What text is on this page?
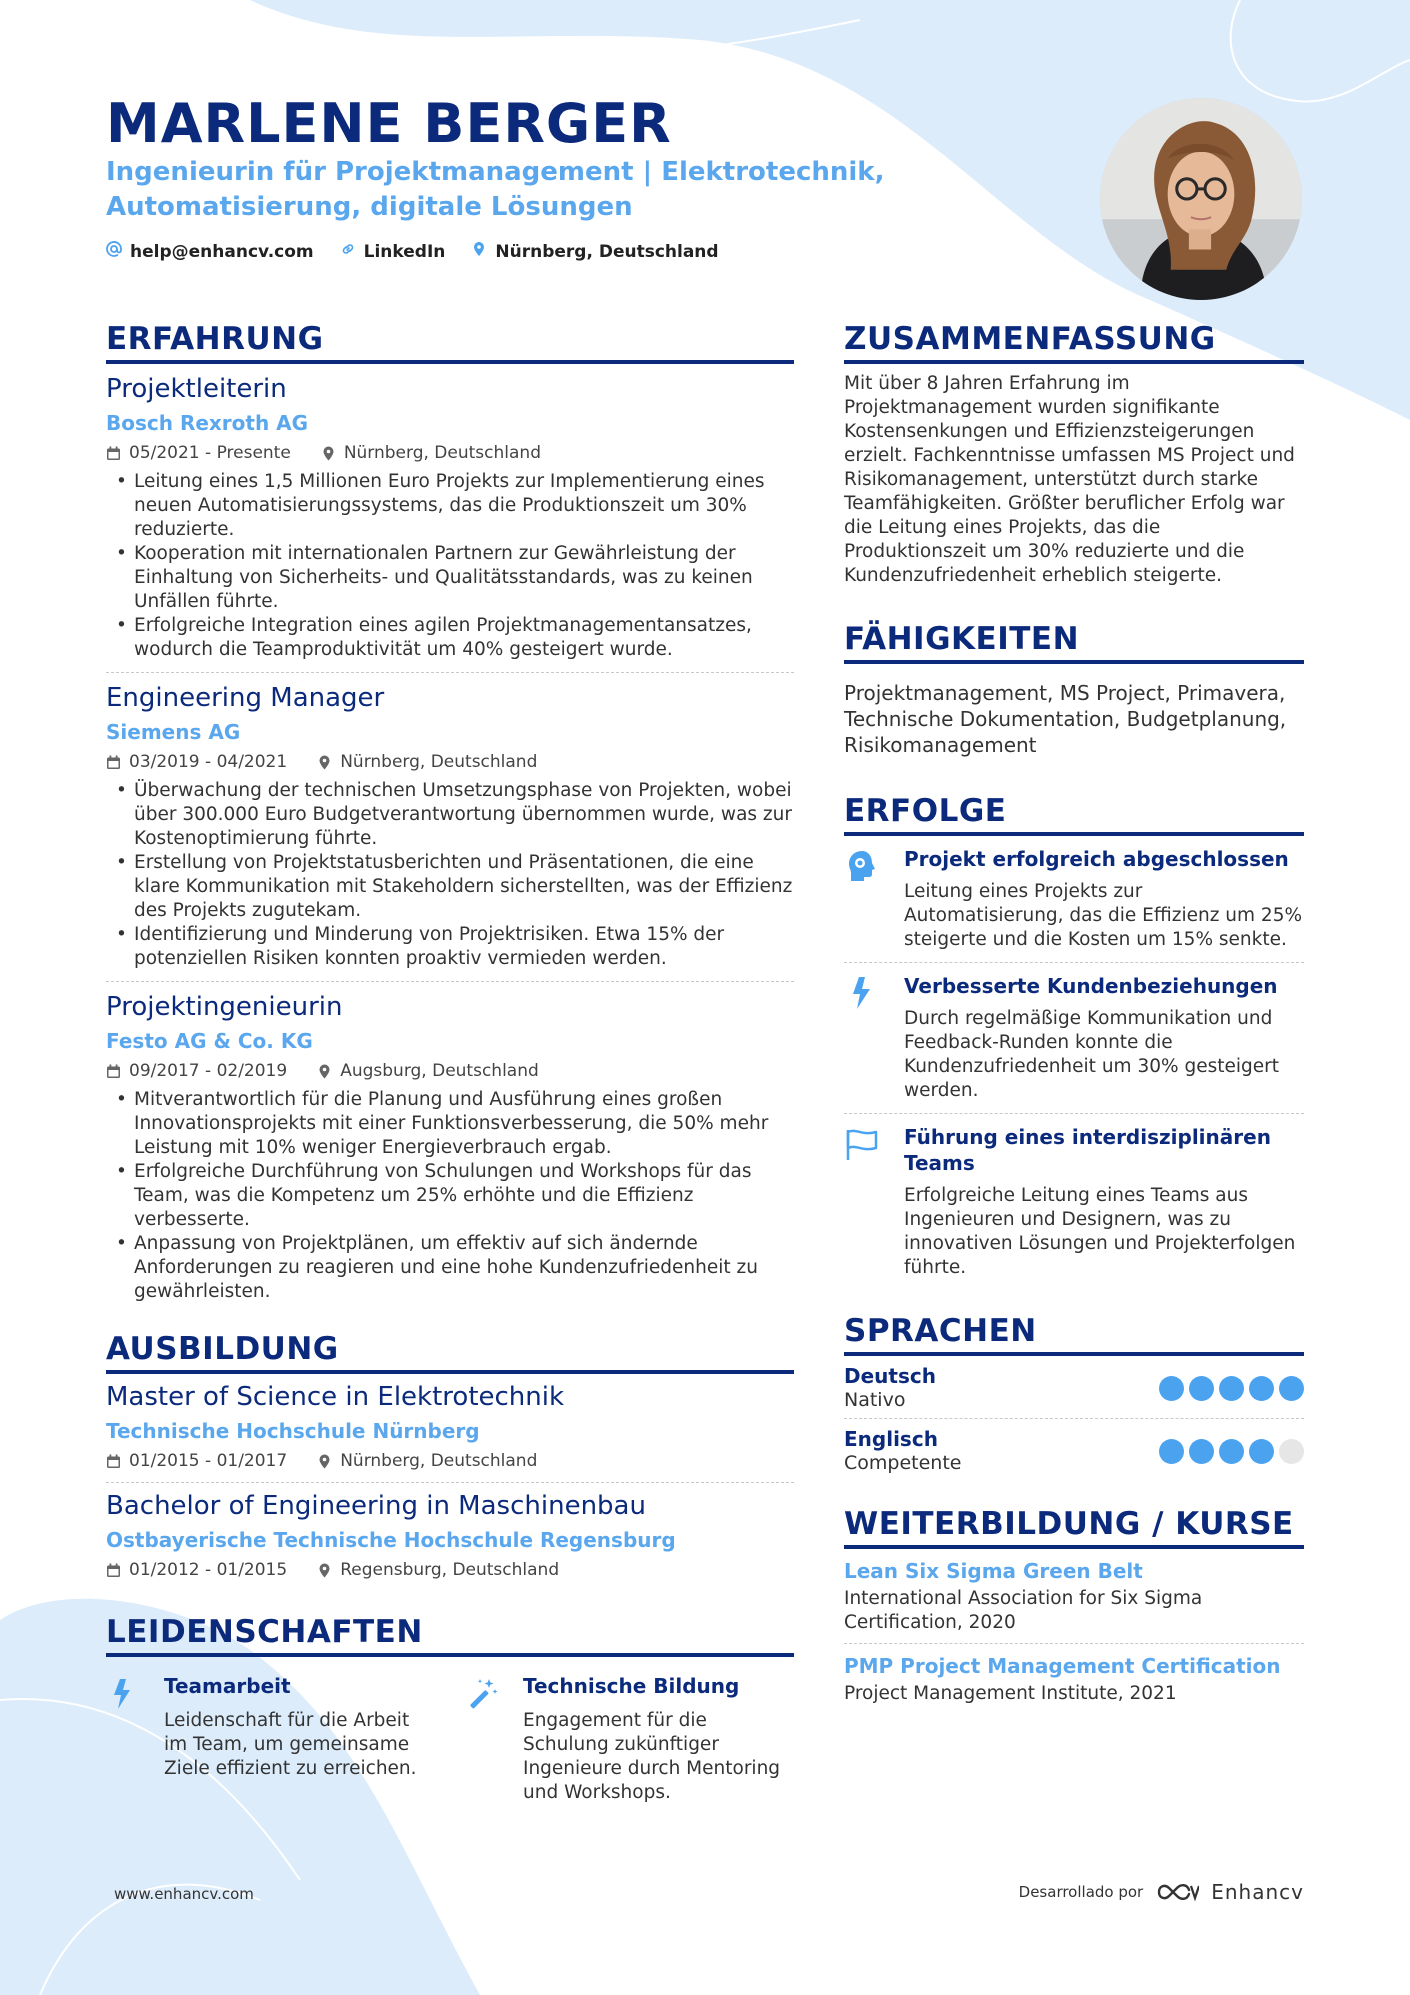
MARLENE BERGER
Ingenieurin für Projektmanagement | Elektrotechnik, Automatisierung, digitale Lösungen
help@enhancv.com	LinkedIn	Nürnberg, Deutschland
ERFAHRUNG
Projektleiterin
Bosch Rexroth AG
05/2021 - Presente	Nürnberg, Deutschland
• Leitung eines 1,5 Millionen Euro Projekts zur Implementierung eines neuen Automatisierungssystems, das die Produktionszeit um 30% reduzierte.
• Kooperation mit internationalen Partnern zur Gewährleistung der Einhaltung von Sicherheits- und Qualitätsstandards, was zu keinen Unfällen führte.
• Erfolgreiche Integration eines agilen Projektmanagementansatzes, wodurch die Teamproduktivität um 40% gesteigert wurde.
Engineering Manager
Siemens AG
03/2019 - 04/2021	Nürnberg, Deutschland
• Überwachung der technischen Umsetzungsphase von Projekten, wobei über 300.000 Euro Budgetverantwortung übernommen wurde, was zur Kostenoptimierung führte.
• Erstellung von Projektstatusberichten und Präsentationen, die eine klare Kommunikation mit Stakeholdern sicherstellten, was der Effizienz des Projekts zugutekam.
• Identifizierung und Minderung von Projektrisiken. Etwa 15% der potenziellen Risiken konnten proaktiv vermieden werden.
Projektingenieurin
Festo AG & Co. KG
09/2017 - 02/2019	Augsburg, Deutschland
• Mitverantwortlich für die Planung und Ausführung eines großen Innovationsprojekts mit einer Funktionsverbesserung, die 50% mehr Leistung mit 10% weniger Energieverbrauch ergab.
• Erfolgreiche Durchführung von Schulungen und Workshops für das Team, was die Kompetenz um 25% erhöhte und die Effizienz verbesserte.
• Anpassung von Projektplänen, um effektiv auf sich ändernde Anforderungen zu reagieren und eine hohe Kundenzufriedenheit zu gewährleisten.
AUSBILDUNG
Master of Science in Elektrotechnik
Technische Hochschule Nürnberg
01/2015 - 01/2017	Nürnberg, Deutschland
Bachelor of Engineering in Maschinenbau
Ostbayerische Technische Hochschule Regensburg
01/2012 - 01/2015	Regensburg, Deutschland
LEIDENSCHAFTEN
Teamarbeit
Leidenschaft für die Arbeit im Team, um gemeinsame Ziele effizient zu erreichen.
Technische Bildung
Engagement für die Schulung zukünftiger Ingenieure durch Mentoring und Workshops.
ZUSAMMENFASSUNG
Mit über 8 Jahren Erfahrung im Projektmanagement wurden signifikante Kostensenkungen und Effizienzsteigerungen erzielt. Fachkenntnisse umfassen MS Project und Risikomanagement, unterstützt durch starke Teamfähigkeiten. Größter beruflicher Erfolg war die Leitung eines Projekts, das die Produktionszeit um 30% reduzierte und die Kundenzufriedenheit erheblich steigerte.
FÄHIGKEITEN
Projektmanagement, MS Project, Primavera, Technische Dokumentation, Budgetplanung, Risikomanagement
ERFOLGE
Projekt erfolgreich abgeschlossen
Leitung eines Projekts zur Automatisierung, das die Effizienz um 25% steigerte und die Kosten um 15% senkte.
Verbesserte Kundenbeziehungen
Durch regelmäßige Kommunikation und Feedback-Runden konnte die Kundenzufriedenheit um 30% gesteigert werden.
Führung eines interdisziplinären Teams
Erfolgreiche Leitung eines Teams aus Ingenieuren und Designern, was zu innovativen Lösungen und Projekterfolgen führte.
SPRACHEN
Deutsch
Nativo
Englisch
Competente
WEITERBILDUNG / KURSE
Lean Six Sigma Green Belt
International Association for Six Sigma Certification, 2020
PMP Project Management Certification
Project Management Institute, 2021
www.enhancv.com	Desarrollado por	Enhancv
